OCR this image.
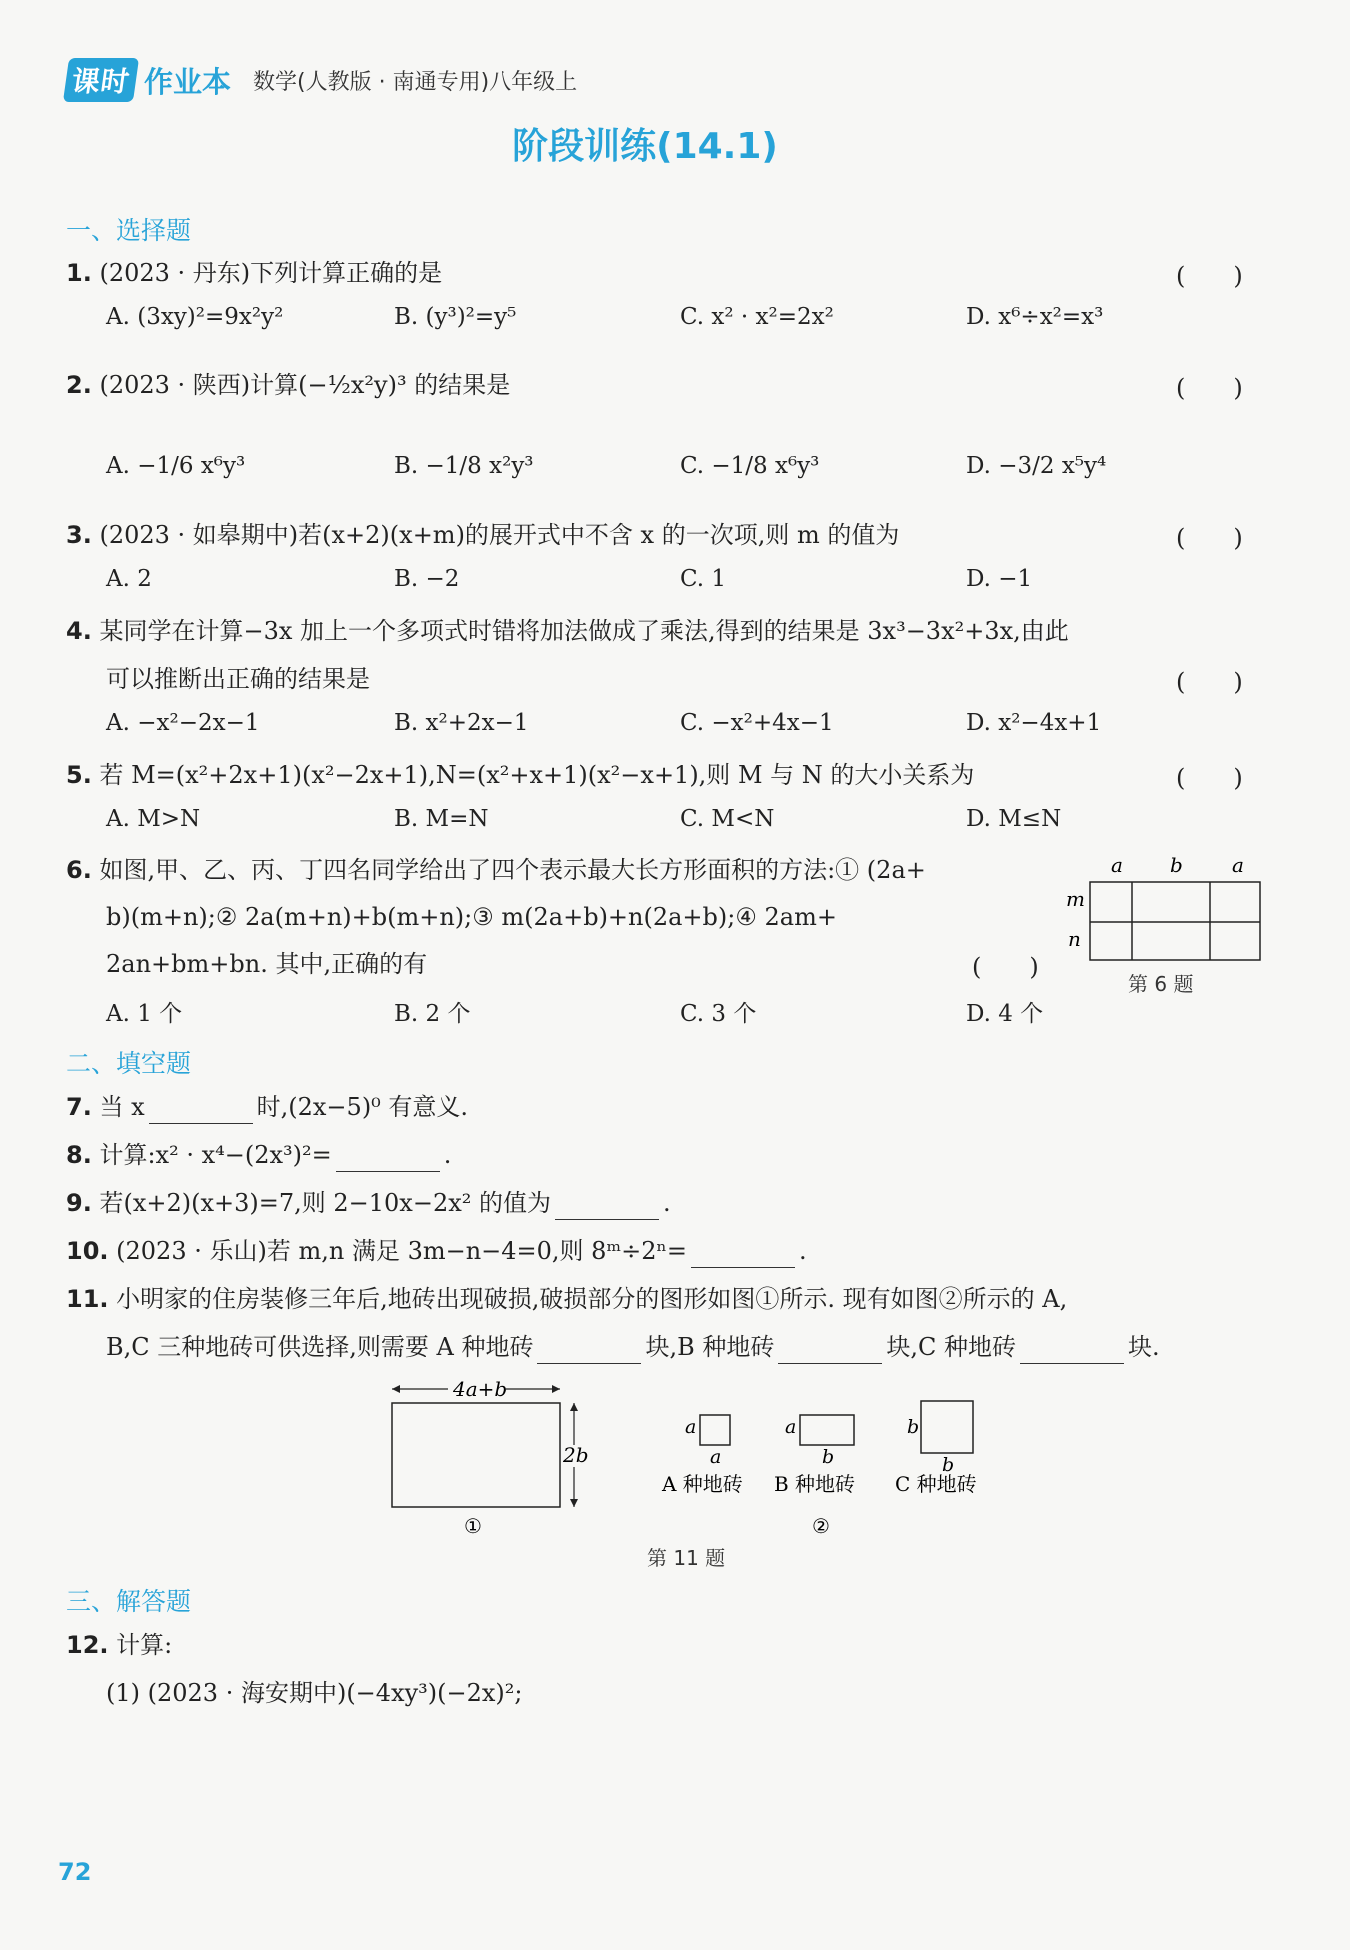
课时 作业本 数学(人教版 · 南通专用)八年级上
阶段训练(14.1)
一、选择题
1. (2023 · 丹东)下列计算正确的是	(　　)
A. (3xy)²=9x²y²	B. (y³)²=y⁵	C. x² · x²=2x²	D. x⁶÷x²=x³
2. (2023 · 陕西)计算(−½x²y)³ 的结果是	(　　)
A. −1/6 x⁶y³	B. −1/8 x²y³	C. −1/8 x⁶y³	D. −3/2 x⁵y⁴
3. (2023 · 如皋期中)若(x+2)(x+m)的展开式中不含 x 的一次项,则 m 的值为	(　　)
A. 2	B. −2	C. 1	D. −1
4. 某同学在计算−3x 加上一个多项式时错将加法做成了乘法,得到的结果是 3x³−3x²+3x,由此
可以推断出正确的结果是	(　　)
A. −x²−2x−1	B. x²+2x−1	C. −x²+4x−1	D. x²−4x+1
5. 若 M=(x²+2x+1)(x²−2x+1),N=(x²+x+1)(x²−x+1),则 M 与 N 的大小关系为	(　　)
A. M>N	B. M=N	C. M<N	D. M≤N
6. 如图,甲、乙、丙、丁四名同学给出了四个表示最大长方形面积的方法:① (2a+
b)(m+n);② 2a(m+n)+b(m+n);③ m(2a+b)+n(2a+b);④ 2am+
2an+bm+bn. 其中,正确的有	(　　)
A. 1 个	B. 2 个	C. 3 个	D. 4 个
a b a
m
n
第 6 题
二、填空题
7. 当 x	时,(2x−5)⁰ 有意义.
8. 计算:x² · x⁴−(2x³)²=	.
9. 若(x+2)(x+3)=7,则 2−10x−2x² 的值为	.
10. (2023 · 乐山)若 m,n 满足 3m−n−4=0,则 8ᵐ÷2ⁿ=	.
11. 小明家的住房装修三年后,地砖出现破损,破损部分的图形如图①所示. 现有如图②所示的 A,
B,C 三种地砖可供选择,则需要 A 种地砖	块,B 种地砖	块,C 种地砖	块.
4a+b
2b
①
a
a
A 种地砖
a
b
B 种地砖
b
b
C 种地砖
②
第 11 题
三、解答题
12. 计算:
(1) (2023 · 海安期中)(−4xy³)(−2x)²;
72
